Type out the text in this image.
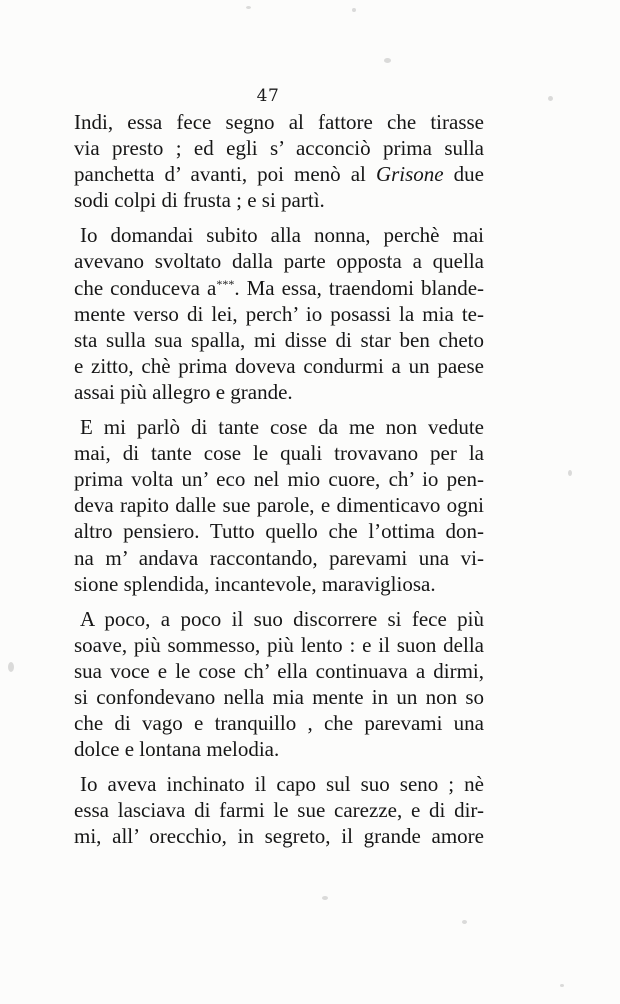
47
Indi, essa fece segno al fattore che tirasse
via presto ; ed egli s’ acconciò prima sulla
panchetta d’ avanti, poi menò al Grisone due
sodi colpi di frusta ; e si partì.
Io domandai subito alla nonna, perchè mai
avevano svoltato dalla parte opposta a quella
che conduceva a***. Ma essa, traendomi blande-
mente verso di lei, perch’ io posassi la mia te-
sta sulla sua spalla, mi disse di star ben cheto
e zitto, chè prima doveva condurmi a un paese
assai più allegro e grande.
E mi parlò di tante cose da me non vedute
mai, di tante cose le quali trovavano per la
prima volta un’ eco nel mio cuore, ch’ io pen-
deva rapito dalle sue parole, e dimenticavo ogni
altro pensiero. Tutto quello che l’ottima don-
na m’ andava raccontando, parevami una vi-
sione splendida, incantevole, maravigliosa.
A poco, a poco il suo discorrere si fece più
soave, più sommesso, più lento : e il suon della
sua voce e le cose ch’ ella continuava a dirmi,
si confondevano nella mia mente in un non so
che di vago e tranquillo , che parevami una
dolce e lontana melodia.
Io aveva inchinato il capo sul suo seno ; nè
essa lasciava di farmi le sue carezze, e di dir-
mi, all’ orecchio, in segreto, il grande amore
